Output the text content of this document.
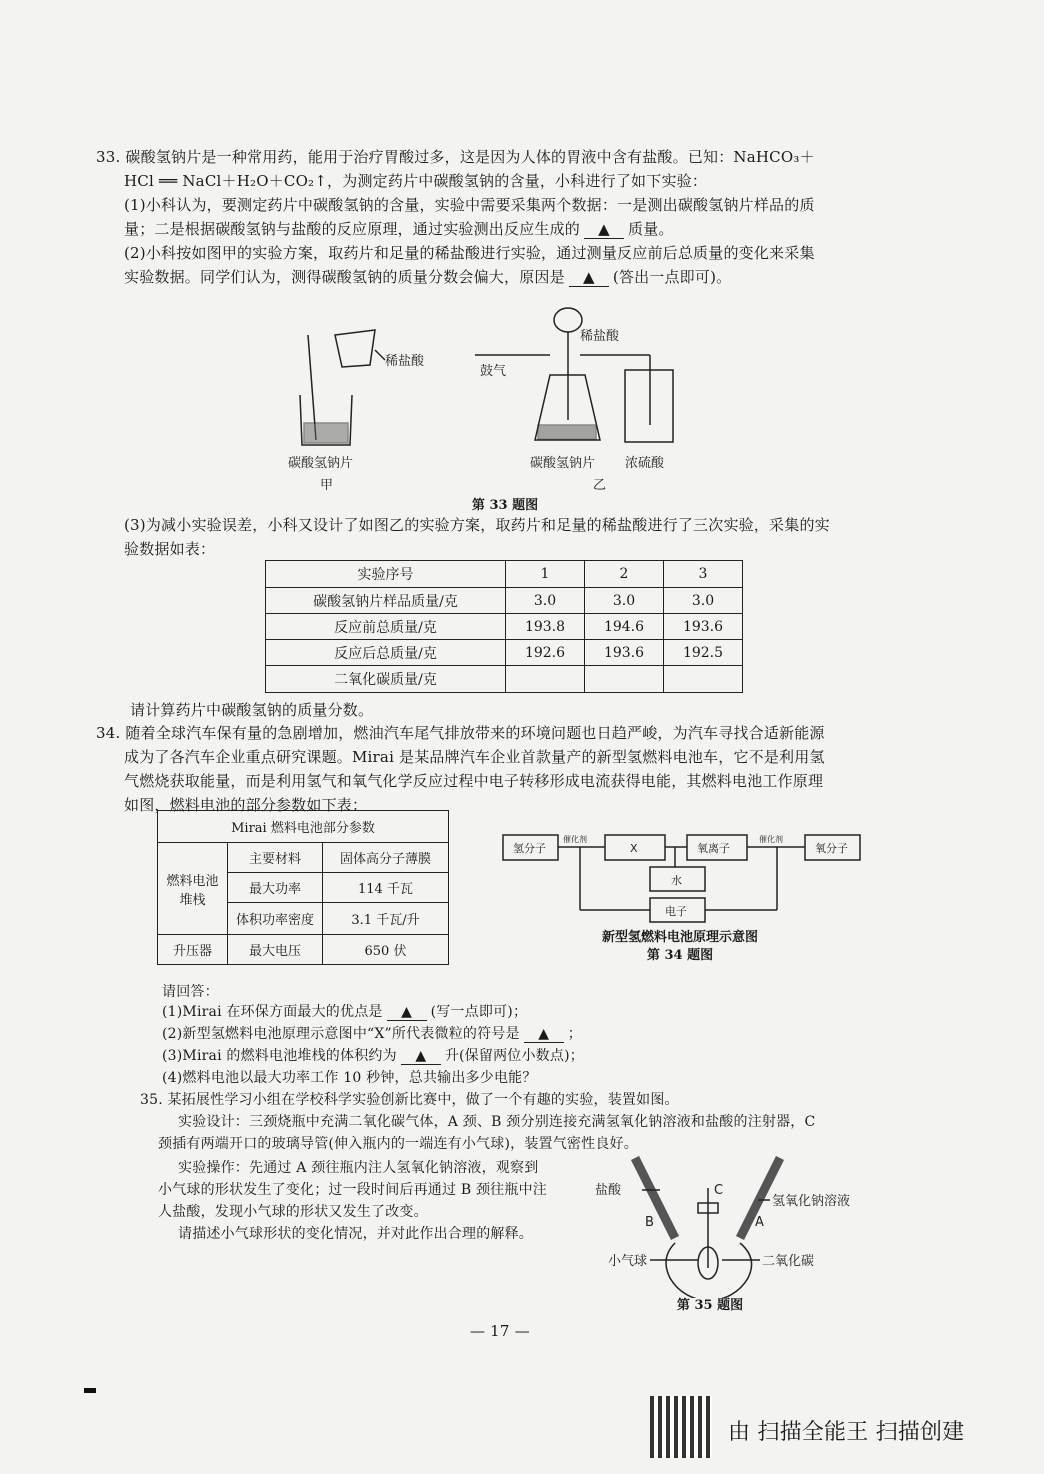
33. 碳酸氢钠片是一种常用药，能用于治疗胃酸过多，这是因为人体的胃液中含有盐酸。已知：NaHCO₃＋
HCl ══ NaCl＋H₂O＋CO₂↑，为测定药片中碳酸氢钠的含量，小科进行了如下实验：
(1)小科认为，要测定药片中碳酸氢钠的含量，实验中需要采集两个数据：一是测出碳酸氢钠片样品的质
量；二是根据碳酸氢钠与盐酸的反应原理，通过实验测出反应生成的 ▲ 质量。
(2)小科按如图甲的实验方案，取药片和足量的稀盐酸进行实验，通过测量反应前后总质量的变化来采集
实验数据。同学们认为，测得碳酸氢钠的质量分数会偏大，原因是 ▲ (答出一点即可)。
稀盐酸
碳酸氢钠片
甲
鼓气
稀盐酸
碳酸氢钠片 浓硫酸
乙
第 33 题图
(3)为减小实验误差，小科又设计了如图乙的实验方案，取药片和足量的稀盐酸进行了三次实验，采集的实
验数据如表：
实验序号	1	2	3
碳酸氢钠片样品质量/克	3.0	3.0	3.0
反应前总质量/克	193.8	194.6	193.6
反应后总质量/克	192.6	193.6	192.5
二氧化碳质量/克			
请计算药片中碳酸氢钠的质量分数。
34. 随着全球汽车保有量的急剧增加，燃油汽车尾气排放带来的环境问题也日趋严峻，为汽车寻找合适新能源
成为了各汽车企业重点研究课题。Mirai 是某品牌汽车企业首款量产的新型氢燃料电池车，它不是利用氢
气燃烧获取能量，而是利用氢气和氧气化学反应过程中电子转移形成电流获得电能，其燃料电池工作原理
如图，燃料电池的部分参数如下表：
Mirai 燃料电池部分参数		
燃料电池堆栈	主要材料	固体高分子薄膜
	最大功率	114 千瓦
	体积功率密度	3.1 千瓦/升
升压器	最大电压	650 伏
氢分子
催化剂
X	氧离子
催化剂
氧分子
水
电子
新型氢燃料电池原理示意图
第 34 题图
请回答：
(1)Mirai 在环保方面最大的优点是 ▲ (写一点即可)；
(2)新型氢燃料电池原理示意图中“X”所代表微粒的符号是 ▲ ；
(3)Mirai 的燃料电池堆栈的体积约为 ▲ 升(保留两位小数点)；
(4)燃料电池以最大功率工作 10 秒钟，总共输出多少电能？
35. 某拓展性学习小组在学校科学实验创新比赛中，做了一个有趣的实验，装置如图。
实验设计：三颈烧瓶中充满二氧化碳气体，A 颈、B 颈分别连接充满氢氧化钠溶液和盐酸的注射器，C
颈插有两端开口的玻璃导管(伸入瓶内的一端连有小气球)，装置气密性良好。
实验操作：先通过 A 颈往瓶内注人氢氧化钠溶液，观察到
小气球的形状发生了变化；过一段时间后再通过 B 颈往瓶中注
人盐酸，发现小气球的形状又发生了改变。
请描述小气球形状的变化情况，并对此作出合理的解释。
盐酸	C
氢氧化钠溶液
B	A
小气球	二氧化碳
第 35 题图
— 17 —
由 扫描全能王 扫描创建
